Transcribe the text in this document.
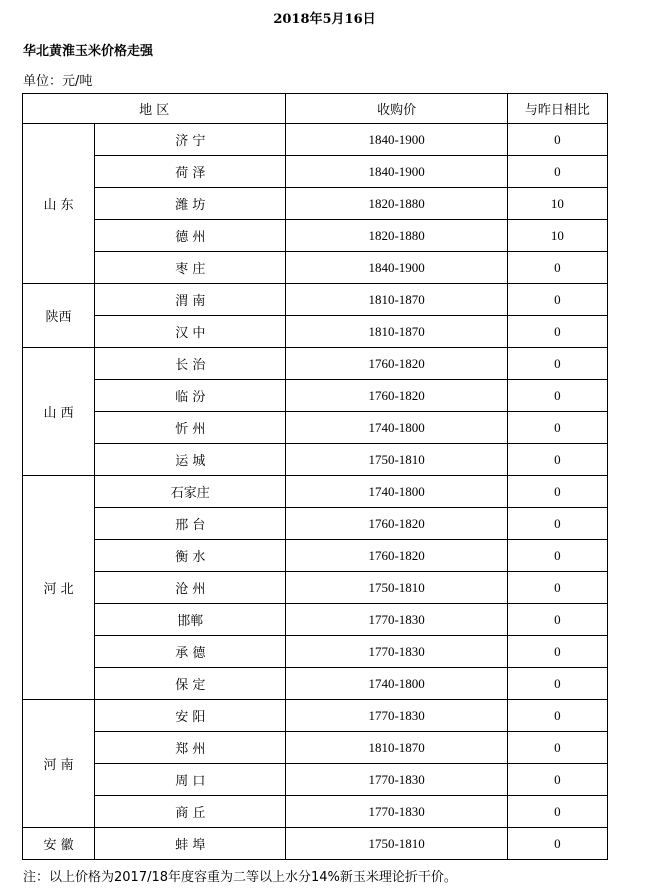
2018年5月16日
华北黄淮玉米价格走强
单位：元/吨
地 区		收购价	与昨日相比
山 东	济 宁	1840-1900	0
	荷 泽	1840-1900	0
	潍 坊	1820-1880	10
	德 州	1820-1880	10
	枣 庄	1840-1900	0
陕西	渭 南	1810-1870	0
	汉 中	1810-1870	0
山 西	长 治	1760-1820	0
	临 汾	1760-1820	0
	忻 州	1740-1800	0
	运 城	1750-1810	0
河 北	石家庄	1740-1800	0
	邢 台	1760-1820	0
	衡 水	1760-1820	0
	沧 州	1750-1810	0
	邯郸	1770-1830	0
	承 德	1770-1830	0
	保 定	1740-1800	0
河 南	安 阳	1770-1830	0
	郑 州	1810-1870	0
	周 口	1770-1830	0
	商 丘	1770-1830	0
安 徽	蚌 埠	1750-1810	0
注：以上价格为2017/18年度容重为二等以上水分14%新玉米理论折干价。
